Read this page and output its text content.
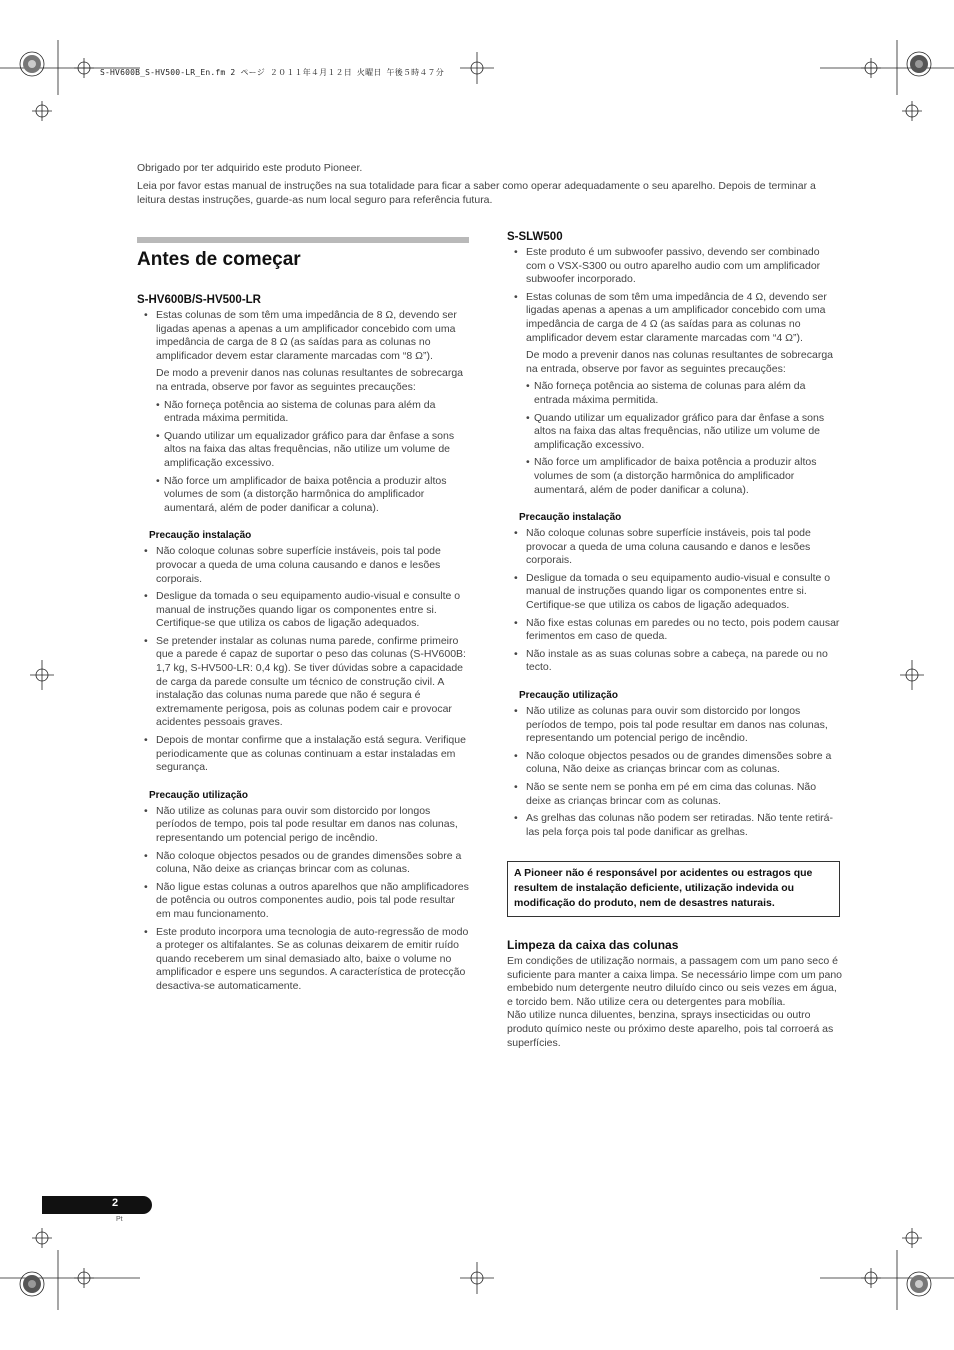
S-HV600B_S-HV500-LR_En.fm 2 ページ ２０１１年４月１２日 火曜日 午後５時４７分

Obrigado por ter adquirido este produto Pioneer.

Leia por favor estas manual de instruções na sua totalidade para ficar a saber como operar adequadamente o seu aparelho. Depois de terminar a leitura destas instruções, guarde-as num local seguro para referência futura.

Antes de começar
S-HV600B/S-HV500-LR
• Estas colunas de som têm uma impedância de 8 Ω, devendo ser ligadas apenas a apenas a um amplificador concebido com uma impedância de carga de 8 Ω (as saídas para as colunas no amplificador devem estar claramente marcadas com “8 Ω”).
De modo a prevenir danos nas colunas resultantes de sobrecarga na entrada, observe por favor as seguintes precauções:
• Não forneça potência ao sistema de colunas para além da entrada máxima permitida.
• Quando utilizar um equalizador gráfico para dar ênfase a sons altos na faixa das altas frequências, não utilize um volume de amplificação excessivo.
• Não force um amplificador de baixa potência a produzir altos volumes de som (a distorção harmônica do amplificador aumentará, além de poder danificar a coluna).
Precaução instalação
• Não coloque colunas sobre superfície instáveis, pois tal pode provocar a queda de uma coluna causando e danos e lesões corporais.
• Desligue da tomada o seu equipamento audio-visual e consulte o manual de instruções quando ligar os componentes entre si. Certifique-se que utiliza os cabos de ligação adequados.
• Se pretender instalar as colunas numa parede, confirme primeiro que a parede é capaz de suportar o peso das colunas (S-HV600B: 1,7 kg, S-HV500-LR: 0,4 kg). Se tiver dúvidas sobre a capacidade de carga da parede consulte um técnico de construção civil. A instalação das colunas numa parede que não é segura é extremamente perigosa, pois as colunas podem cair e provocar acidentes pessoais graves.
• Depois de montar confirme que a instalação está segura. Verifique periodicamente que as colunas continuam a estar instaladas em segurança.
Precaução utilização
• Não utilize as colunas para ouvir som distorcido por longos períodos de tempo, pois tal pode resultar em danos nas colunas, representando um potencial perigo de incêndio.
• Não coloque objectos pesados ou de grandes dimensões sobre a coluna, Não deixe as crianças brincar com as colunas.
• Não ligue estas colunas a outros aparelhos que não amplificadores de potência ou outros componentes audio, pois tal pode resultar em mau funcionamento.
• Este produto incorpora uma tecnologia de auto-regressão de modo a proteger os altifalantes. Se as colunas deixarem de emitir ruído quando receberem um sinal demasiado alto, baixe o volume no amplificador e espere uns segundos. A característica de protecção desactiva-se automaticamente.
S-SLW500
• Este produto é um subwoofer passivo, devendo ser combinado com o VSX-S300 ou outro aparelho audio com um amplificador subwoofer incorporado.
• Estas colunas de som têm uma impedância de 4 Ω, devendo ser ligadas apenas a apenas a um amplificador concebido com uma impedância de carga de 4 Ω (as saídas para as colunas no amplificador devem estar claramente marcadas com “4 Ω”).
De modo a prevenir danos nas colunas resultantes de sobrecarga na entrada, observe por favor as seguintes precauções:
• Não forneça potência ao sistema de colunas para além da entrada máxima permitida.
• Quando utilizar um equalizador gráfico para dar ênfase a sons altos na faixa das altas frequências, não utilize um volume de amplificação excessivo.
• Não force um amplificador de baixa potência a produzir altos volumes de som (a distorção harmônica do amplificador aumentará, além de poder danificar a coluna).
Precaução instalação
• Não coloque colunas sobre superfície instáveis, pois tal pode provocar a queda de uma coluna causando e danos e lesões corporais.
• Desligue da tomada o seu equipamento audio-visual e consulte o manual de instruções quando ligar os componentes entre si. Certifique-se que utiliza os cabos de ligação adequados.
• Não fixe estas colunas em paredes ou no tecto, pois podem causar ferimentos em caso de queda.
• Não instale as as suas colunas sobre a cabeça, na parede ou no tecto.
Precaução utilização
• Não utilize as colunas para ouvir som distorcido por longos períodos de tempo, pois tal pode resultar em danos nas colunas, representando um potencial perigo de incêndio.
• Não coloque objectos pesados ou de grandes dimensões sobre a coluna, Não deixe as crianças brincar com as colunas.
• Não se sente nem se ponha em pé em cima das colunas. Não deixe as crianças brincar com as colunas.
• As grelhas das colunas não podem ser retiradas. Não tente retirá-las pela força pois tal pode danificar as grelhas.
A Pioneer não é responsável por acidentes ou estragos que resultem de instalação deficiente, utilização indevida ou modificação do produto, nem de desastres naturais.
Limpeza da caixa das colunas

Em condições de utilização normais, a passagem com um pano seco é suficiente para manter a caixa limpa. Se necessário limpe com um pano embebido num detergente neutro diluído cinco ou seis vezes em água, e torcido bem. Não utilize cera ou detergentes para mobília.

Não utilize nunca diluentes, benzina, sprays insecticidas ou outro produto químico neste ou próximo deste aparelho, pois tal corroerá as superfícies.

2
Pt
